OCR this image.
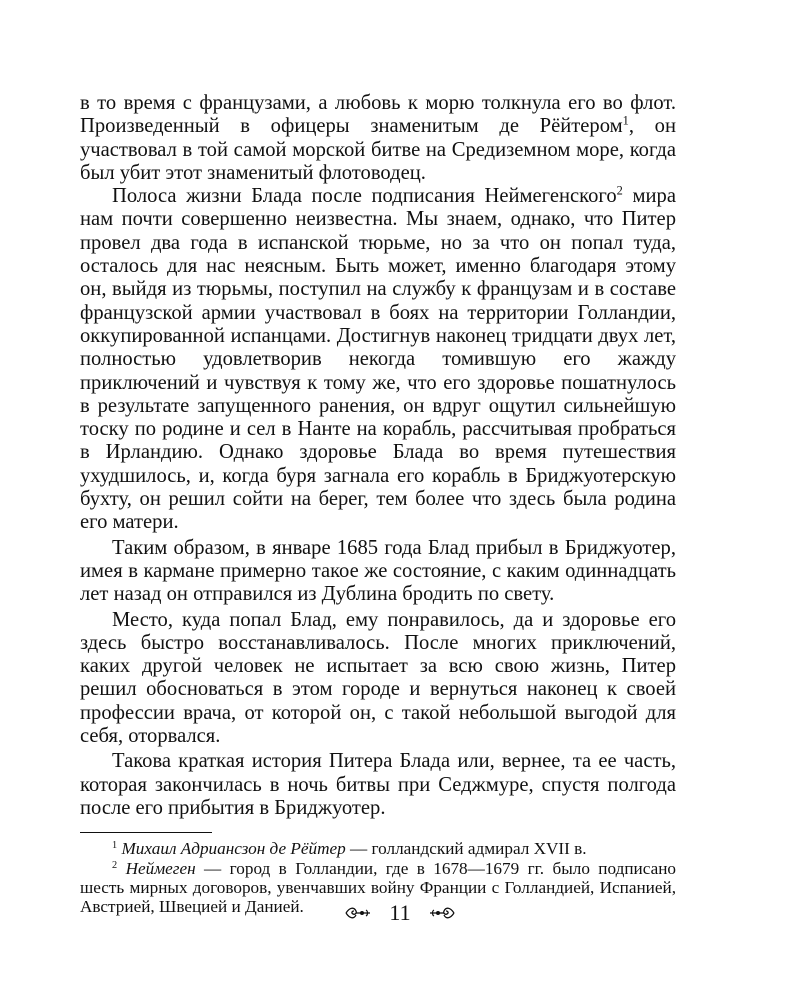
в то время с французами, а любовь к морю толкнула его во флот. Произведенный в офицеры знаменитым де Рёйтером$^1$, он участвовал в той самой морской битве на Средиземном море, когда был убит этот знаменитый флотоводец.

Полоса жизни Блада после подписания Неймегенского$^2$ мира нам почти совершенно неизвестна. Мы знаем, однако, что Питер провел два года в испанской тюрьме, но за что он попал туда, осталось для нас неясным. Быть может, именно благодаря этому он, выйдя из тюрьмы, поступил на службу к французам и в составе французской армии участвовал в боях на территории Голландии, оккупированной испанцами. Достигнув наконец тридцати двух лет, полностью удовлетворив некогда томившую его жажду приключений и чувствуя к тому же, что его здоровье пошатнулось в результате запущенного ранения, он вдруг ощутил сильнейшую тоску по родине и сел в Нанте на корабль, рассчитывая пробраться в Ирландию. Однако здоровье Блада во время путешествия ухудшилось, и, когда буря загнала его корабль в Бриджуотерскую бухту, он решил сойти на берег, тем более что здесь была родина его матери.

Таким образом, в январе 1685 года Блад прибыл в Бриджуотер, имея в кармане примерно такое же состояние, с каким одиннадцать лет назад он отправился из Дублина бродить по свету.

Место, куда попал Блад, ему понравилось, да и здоровье его здесь быстро восстанавливалось. После многих приключений, каких другой человек не испытает за всю свою жизнь, Питер решил обосноваться в этом городе и вернуться наконец к своей профессии врача, от которой он, с такой небольшой выгодой для себя, оторвался.

Такова краткая история Питера Блада или, вернее, та ее часть, которая закончилась в ночь битвы при Седжмуре, спустя полгода после его прибытия в Бриджуотер.

$^1$ Михаил Адриансзон де Рёйтер — голландский адмирал XVII в.

$^2$ Неймеген — город в Голландии, где в 1678—1679 гг. было подписано шесть мирных договоров, увенчавших войну Франции с Голландией, Испанией, Австрией, Швецией и Данией.	11
